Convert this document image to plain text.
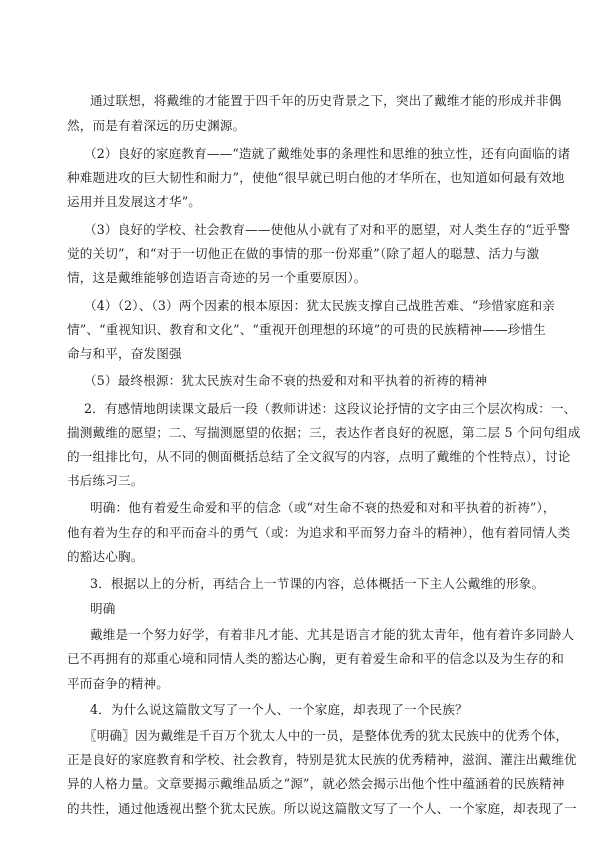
通过联想，将戴维的才能置于四千年的历史背景之下，突出了戴维才能的形成并非偶
然，而是有着深远的历史渊源。
（2）良好的家庭教育——“造就了戴维处事的条理性和思维的独立性，还有向面临的诸
种难题进攻的巨大韧性和耐力”，使他“很早就已明白他的才华所在，也知道如何最有效地
运用并且发展这才华”。
（3）良好的学校、社会教育——使他从小就有了对和平的愿望，对人类生存的“近乎警
觉的关切”，和“对于一切他正在做的事情的那一份郑重”（除了超人的聪慧、活力与激
情，这是戴维能够创造语言奇迹的另一个重要原因）。
（4）（2）、（3）两个因素的根本原因：犹太民族支撑自己战胜苦难、“珍惜家庭和亲
情”、“重视知识、教育和文化”、“重视开创理想的环境”的可贵的民族精神——珍惜生
命与和平，奋发图强
（5）最终根源：犹太民族对生命不衰的热爱和对和平执着的祈祷的精神
2．有感情地朗读课文最后一段（教师讲述：这段议论抒情的文字由三个层次构成：一、
揣测戴维的愿望；二、写揣测愿望的依据；三，表达作者良好的祝愿，第二层 5 个问句组成
的一组排比句，从不同的侧面概括总结了全文叙写的内容，点明了戴维的个性特点），讨论
书后练习三。
明确：他有着爱生命爱和平的信念（或“对生命不衰的热爱和对和平执着的祈祷”），
他有着为生存的和平而奋斗的勇气（或：为追求和平而努力奋斗的精神），他有着同情人类
的豁达心胸。
3．根据以上的分析，再结合上一节课的内容，总体概括一下主人公戴维的形象。
明确
戴维是一个努力好学，有着非凡才能、尤其是语言才能的犹太青年，他有着许多同龄人
已不再拥有的郑重心境和同情人类的豁达心胸，更有着爱生命和平的信念以及为生存的和
平而奋争的精神。
4．为什么说这篇散文写了一个人、一个家庭，却表现了一个民族？
〖明确〗因为戴维是千百万个犹太人中的一员，是整体优秀的犹太民族中的优秀个体，
正是良好的家庭教育和学校、社会教育，特别是犹太民族的优秀精神，滋润、灌注出戴维优
异的人格力量。文章要揭示戴维品质之“源”，就必然会揭示出他个性中蕴涵着的民族精神
的共性，通过他透视出整个犹太民族。所以说这篇散文写了一个人、一个家庭，却表现了一
